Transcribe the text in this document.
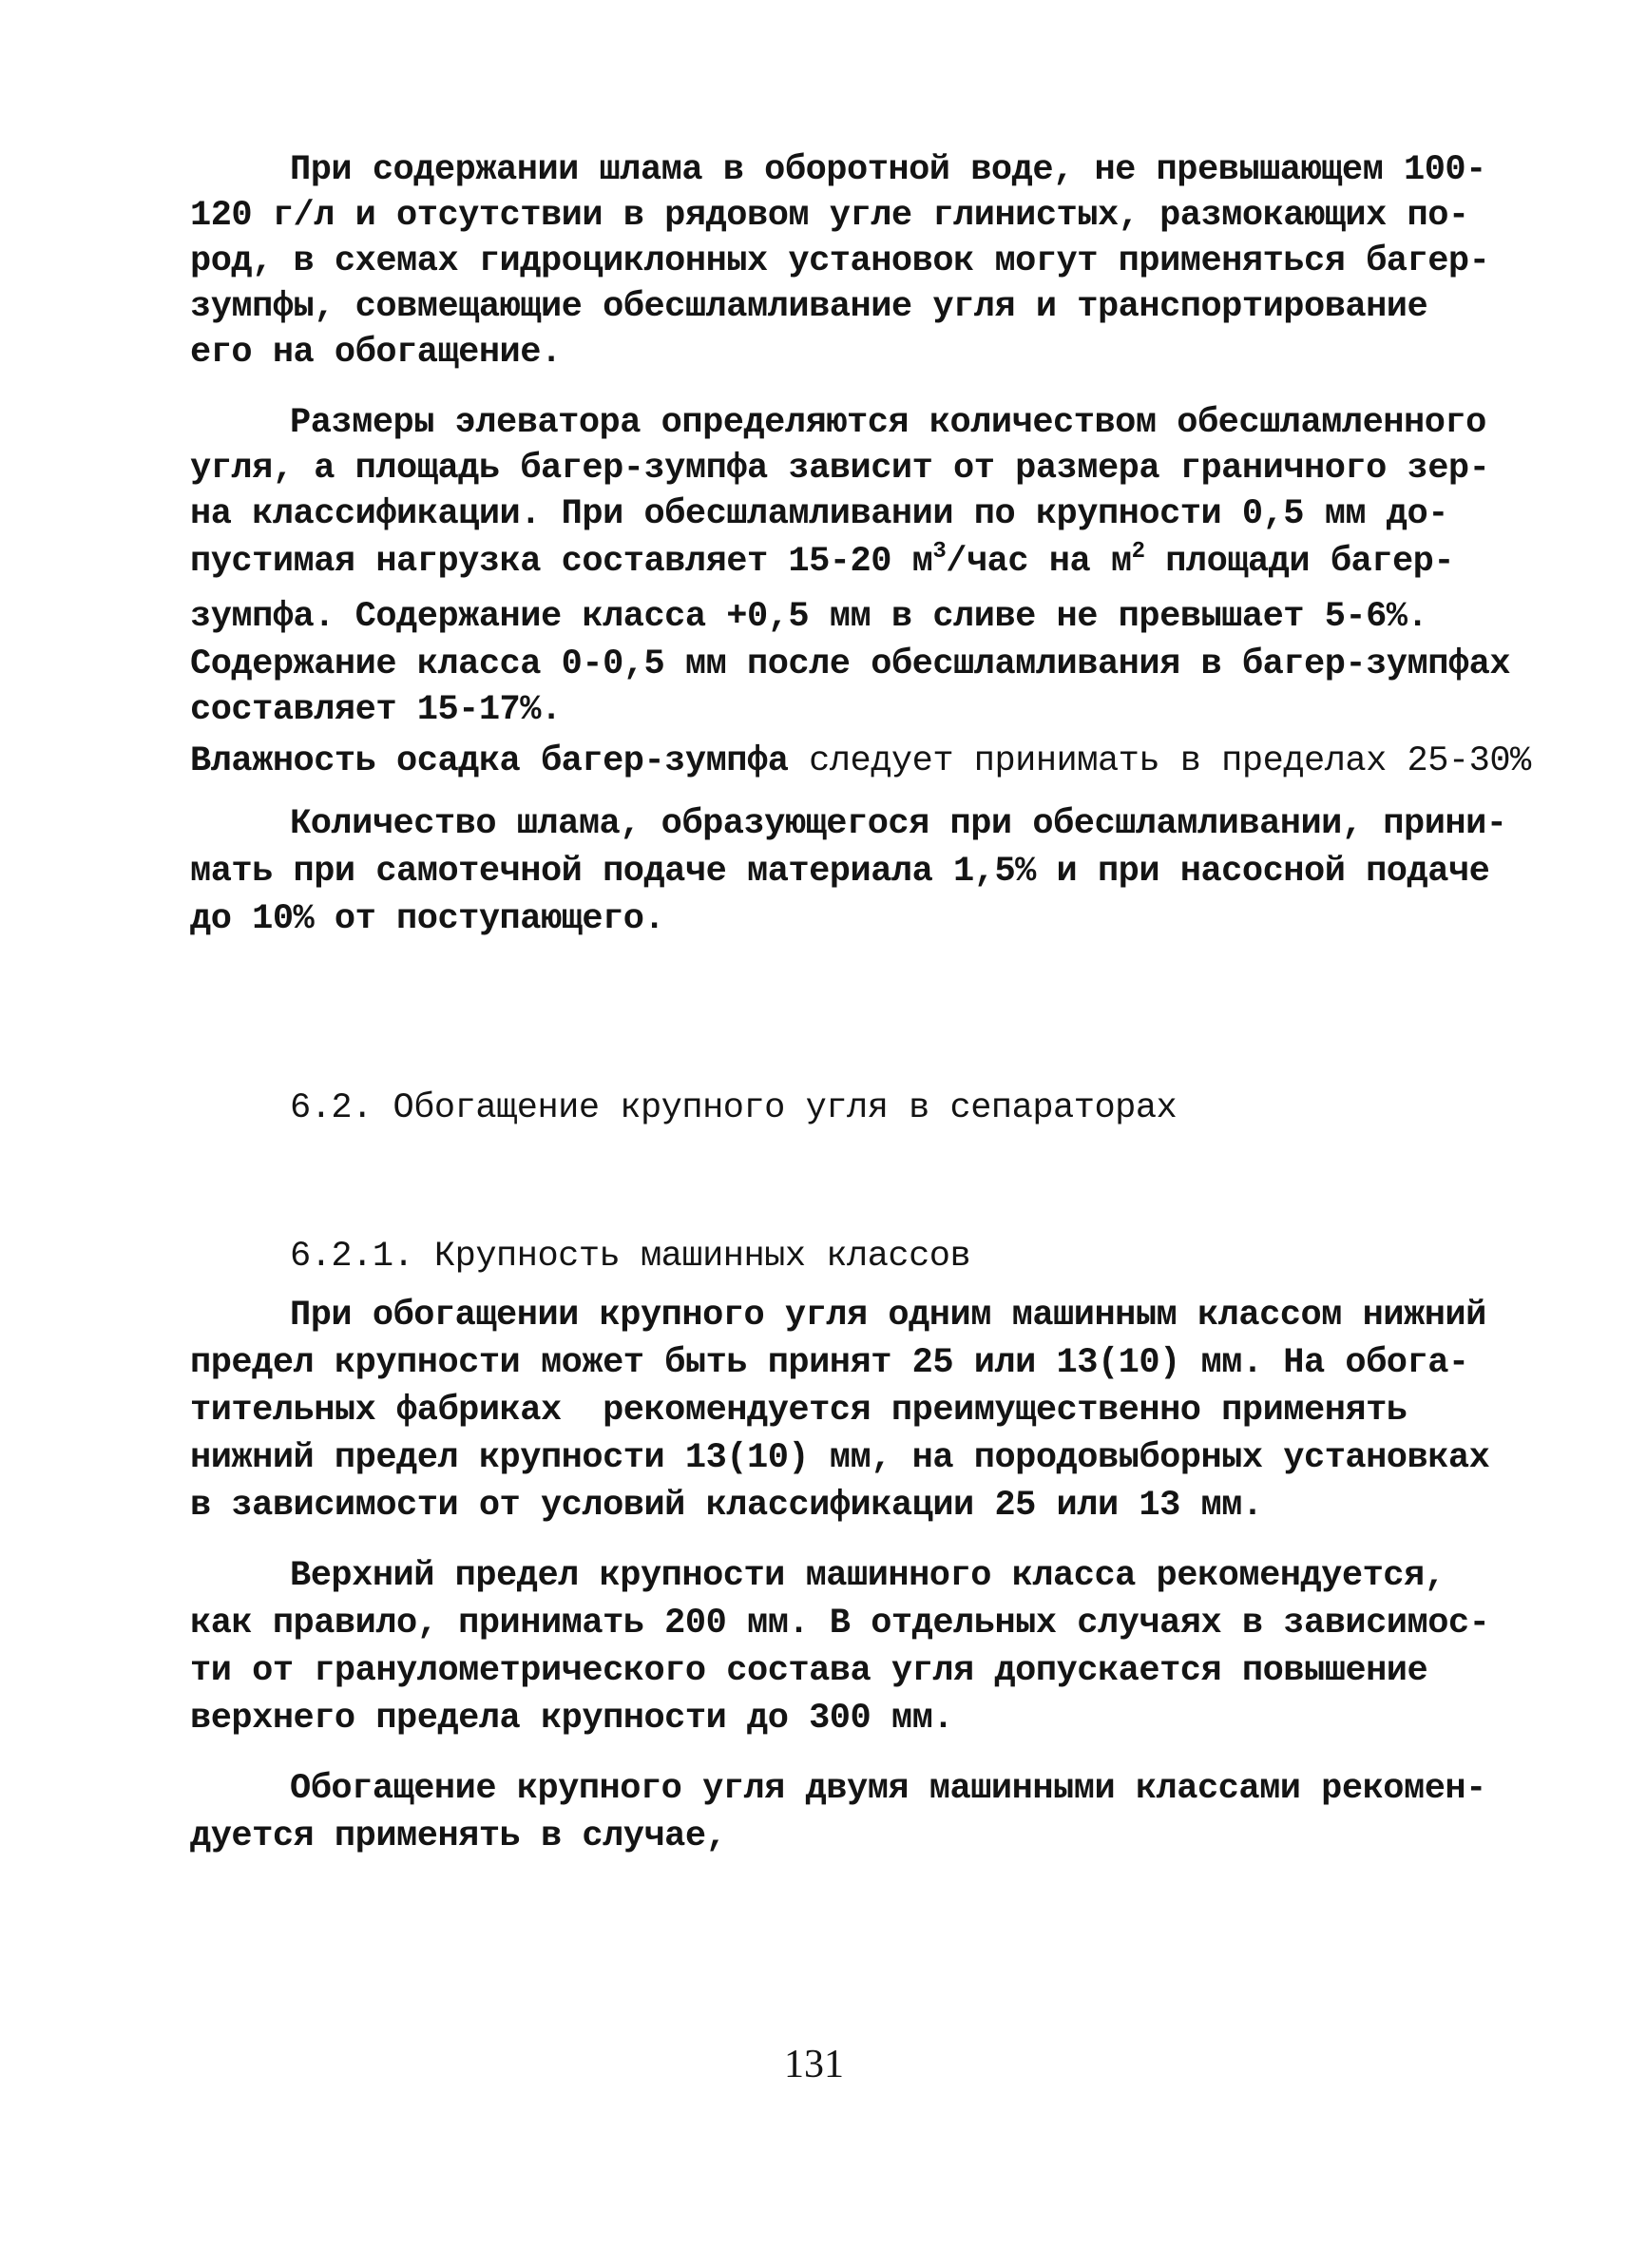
При содержании шлама в оборотной воде, не превышающем 100-
120 г/л и отсутствии в рядовом угле глинистых, размокающих по-
род, в схемах гидроциклонных установок могут применяться багер-
зумпфы, совмещающие обесшламливание угля и транспортирование
его на обогащение.
Размеры элеватора определяются количеством обесшламленного
угля, а площадь багер-зумпфа зависит от размера граничного зер-
на классификации. При обесшламливании по крупности 0,5 мм до-
пустимая нагрузка составляет 15-20 $м^3$/час на $м^2$ площади багер-
зумпфа. Содержание класса +0,5 мм в сливе не превышает 5-6%.
Содержание класса 0-0,5 мм после обесшламливания в багер-зумпфах
составляет 15-17%.
Влажность осадка багер-зумпфа следует принимать в пределах 25-30%
Количество шлама, образующегося при обесшламливании, прини-
мать при самотечной подаче материала 1,5% и при насосной подаче
до 10% от поступающего.
6.2. Обогащение крупного угля в сепараторах
6.2.1. Крупность машинных классов
При обогащении крупного угля одним машинным классом нижний
предел крупности может быть принят 25 или 13(10) мм. На обога-
тительных фабриках  рекомендуется преимущественно применять
нижний предел крупности 13(10) мм, на породовыборных установках
в зависимости от условий классификации 25 или 13 мм.
Верхний предел крупности машинного класса рекомендуется,
как правило, принимать 200 мм. В отдельных случаях в зависимос-
ти от гранулометрического состава угля допускается повышение
верхнего предела крупности до 300 мм.
Обогащение крупного угля двумя машинными классами рекомен-
дуется применять в случае,
131
